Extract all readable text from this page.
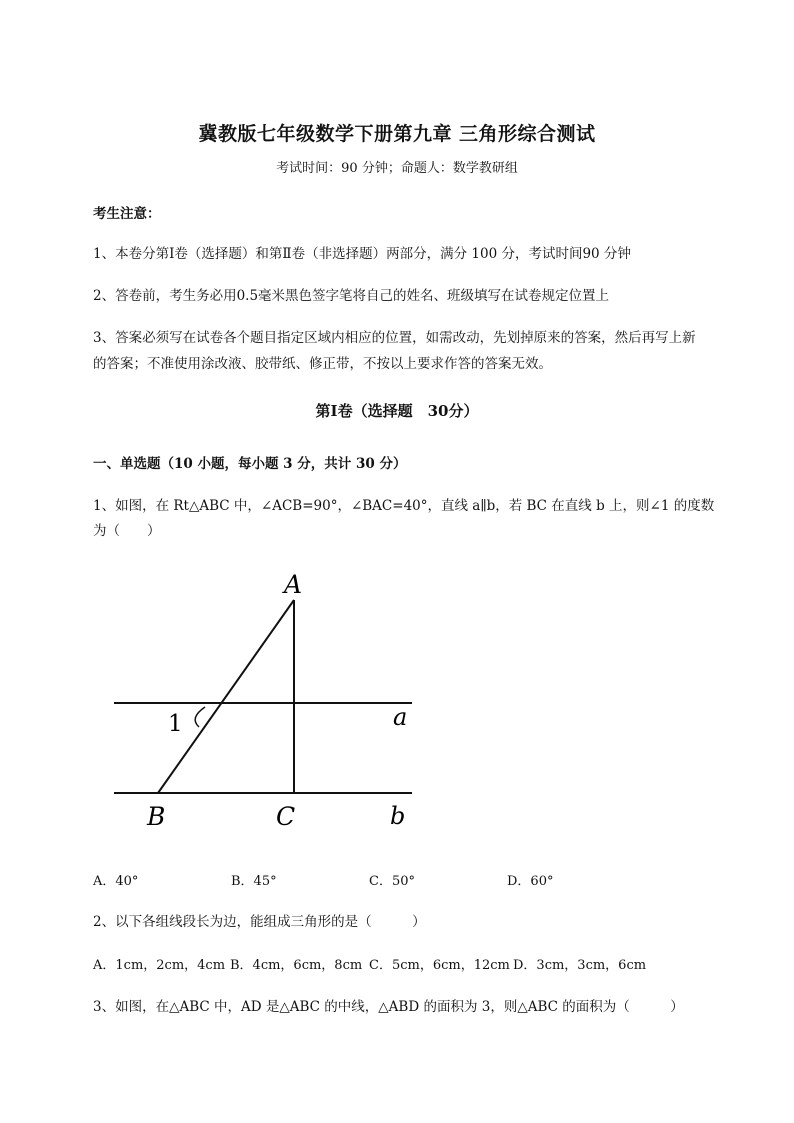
冀教版七年级数学下册第九章 三角形综合测试
考试时间：90 分钟；命题人：数学教研组
考生注意：
1、本卷分第Ⅰ卷（选择题）和第Ⅱ卷（非选择题）两部分，满分 100 分，考试时间90 分钟
2、答卷前，考生务必用0.5毫米黑色签字笔将自己的姓名、班级填写在试卷规定位置上
3、答案必须写在试卷各个题目指定区域内相应的位置，如需改动，先划掉原来的答案，然后再写上新
的答案；不准使用涂改液、胶带纸、修正带，不按以上要求作答的答案无效。
第Ⅰ卷（选择题　30分）
一、单选题（10 小题，每小题 3 分，共计 30 分）
1、如图，在 Rt△ABC 中，∠ACB=90°，∠BAC=40°，直线 a∥b，若 BC 在直线 b 上，则∠1 的度数
为（　　）
A
B	C
a
b
1
A．40°	B．45°	C．50°	D．60°
2、以下各组线段长为边，能组成三角形的是（　　　）
A．1cm，2cm，4cm B．4cm，6cm，8cm C．5cm，6cm，12cm D．3cm，3cm，6cm
3、如图，在△ABC 中，AD 是△ABC 的中线，△ABD 的面积为 3，则△ABC 的面积为（　　　）
